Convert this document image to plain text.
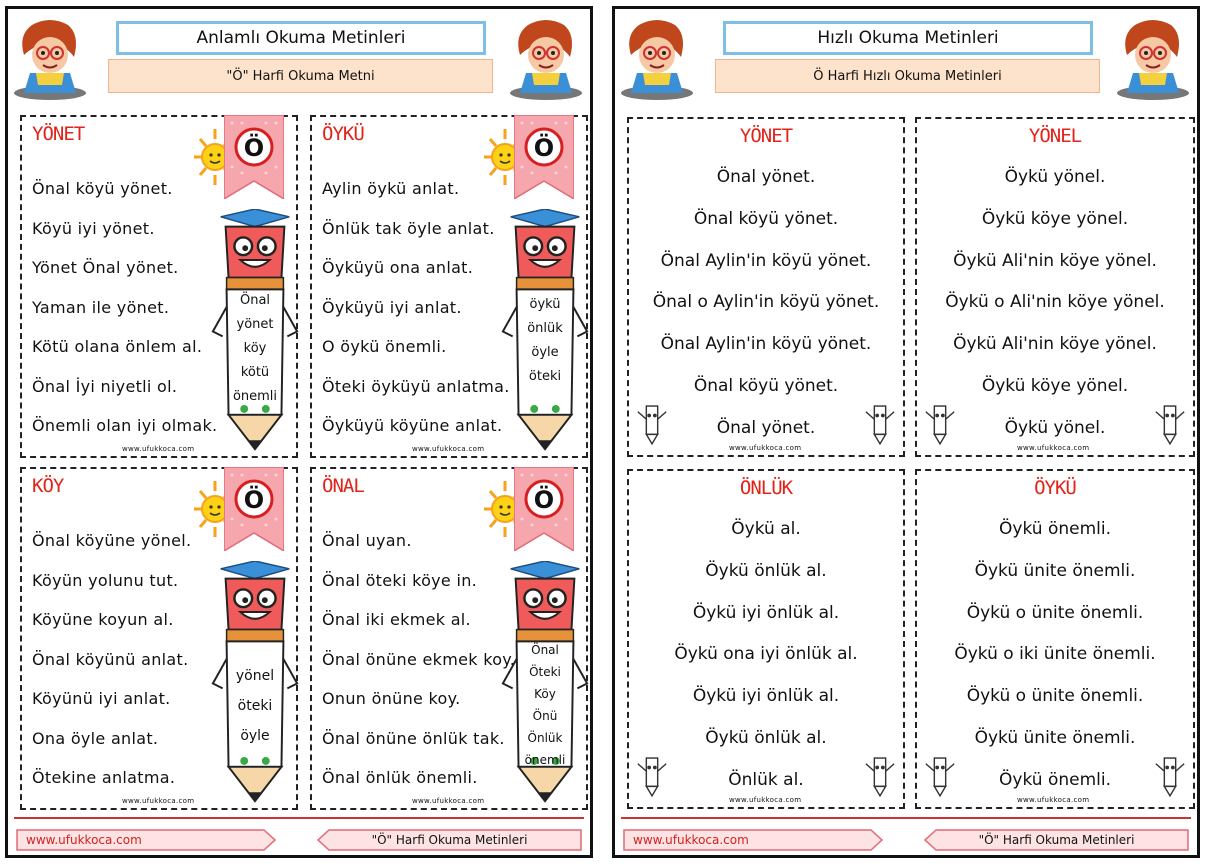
"Ö" Harfi Okuma Metni
Anlamlı Okuma Metinleri
YÖNET	Ö
Önal köyü yönet.
Köyü iyi yönet.
Yönet Önal yönet.
Yaman ile yönet.
Kötü olana önlem al.
Önal İyi niyetli ol.
Önemli olan iyi olmak.
Önal
yönet
köy
kötü
önemli
www.ufukkoca.com
ÖYKÜ	Ö
Aylin öykü anlat.
Önlük tak öyle anlat.
Öyküyü ona anlat.
Öyküyü iyi anlat.
O öykü önemli.
Öteki öyküyü anlatma.
Öyküyü köyüne anlat.
öykü
önlük
öyle
öteki
www.ufukkoca.com
KÖY	Ö
Önal köyüne yönel.
Köyün yolunu tut.
Köyüne koyun al.
Önal köyünü anlat.
Köyünü iyi anlat.
Ona öyle anlat.
Ötekine anlatma.
yönel
öteki
öyle
www.ufukkoca.com
ÖNAL	Ö
Önal uyan.
Önal öteki köye in.
Önal iki ekmek al.
Önal önüne ekmek koy.
Onun önüne koy.
Önal önüne önlük tak.
Önal önlük önemli.
Önal
Öteki
Köy
Önü
Önlük
önemli
www.ufukkoca.com
www.ufukkoca.com	"Ö" Harfi Okuma Metinleri
Ö Harfi Hızlı Okuma Metinleri
Hızlı Okuma Metinleri
YÖNET
Önal yönet.
Önal köyü yönet.
Önal Aylin'in köyü yönet.
Önal o Aylin'in köyü yönet.
Önal Aylin'in köyü yönet.
Önal köyü yönet.
Önal yönet.
www.ufukkoca.com
YÖNEL
Öykü yönel.
Öykü köye yönel.
Öykü Ali'nin köye yönel.
Öykü o Ali'nin köye yönel.
Öykü Ali'nin köye yönel.
Öykü köye yönel.
Öykü yönel.
www.ufukkoca.com
ÖNLÜK
Öykü al.
Öykü önlük al.
Öykü iyi önlük al.
Öykü ona iyi önlük al.
Öykü iyi önlük al.
Öykü önlük al.
Önlük al.
www.ufukkoca.com
ÖYKÜ
Öykü önemli.
Öykü ünite önemli.
Öykü o ünite önemli.
Öykü o iki ünite önemli.
Öykü o ünite önemli.
Öykü ünite önemli.
Öykü önemli.
www.ufukkoca.com
www.ufukkoca.com	"Ö" Harfi Okuma Metinleri
